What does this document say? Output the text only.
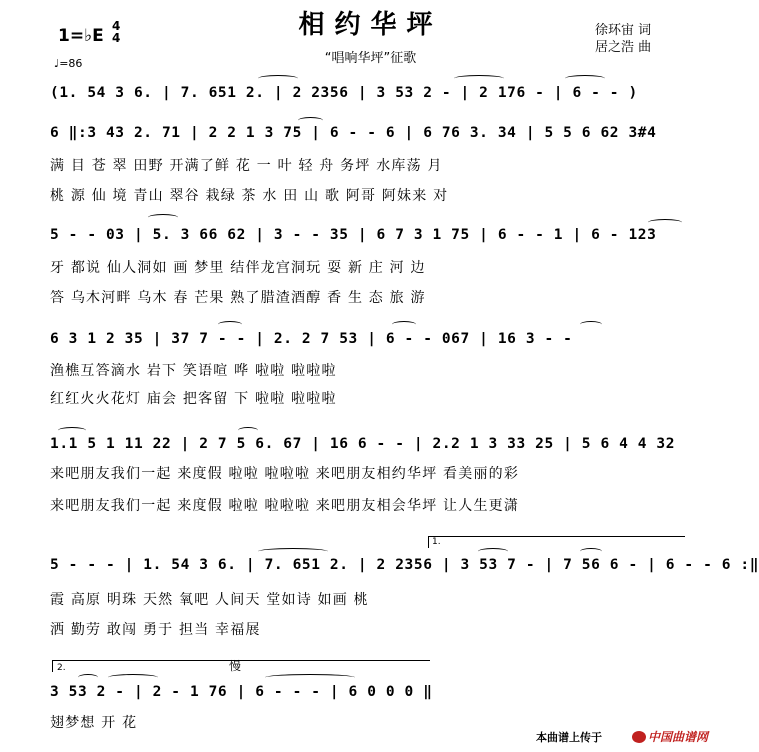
相约华坪
“唱响华坪”征歌
徐环宙 词
居之浩 曲
1=♭E 4
4
♩=86
(1. 54 3 6. | 7. 651 2. | 2 2356 | 3 53 2 - | 2 176 - | 6 - - )
6 ‖:3 43 2. 71 | 2 2 1 3 75 | 6 - - 6 | 6 76 3. 34 | 5 5 6 62 3#4
满 目 苍 翠 田野 开满了鲜 花 一 叶 轻 舟 务坪 水库荡 月
桃 源 仙 境 青山 翠谷 栽绿 茶 水 田 山 歌 阿哥 阿妹来 对
5 - - 03 | 5. 3 66 62 | 3 - - 35 | 6 7 3 1 75 | 6 - - 1 | 6 - 123
牙 都说 仙人洞如 画 梦里 结伴龙宫洞玩 耍 新 庄 河 边
答 乌木河畔 乌木 春 芒果 熟了腊渣酒醇 香 生 态 旅 游
6 3 1 2 35 | 37 7 - - | 2. 2 7 53 | 6 - - 067 | 16 3 - -
渔樵互答滴水 岩下 笑语喧 哗 啦啦 啦啦啦
红红火火花灯 庙会 把客留 下 啦啦 啦啦啦
1.1 5 1 11 22 | 2 7 5 6. 67 | 16 6 - - | 2.2 1 3 33 25 | 5 6 4 4 32
来吧朋友我们一起 来度假 啦啦 啦啦啦 来吧朋友相约华坪 看美丽的彩
来吧朋友我们一起 来度假 啦啦 啦啦啦 来吧朋友相会华坪 让人生更潇
1.
5 - - - | 1. 54 3 6. | 7. 651 2. | 2 2356 | 3 53 7 - | 7 56 6 - | 6 - - 6 :‖
霞 高原 明珠 天然 氧吧 人间天 堂如诗 如画 桃
洒 勤劳 敢闯 勇于 担当 幸福展
2.	慢
3 53 2 - | 2 - 1 76 | 6 - - - | 6 0 0 0 ‖
翅梦想 开 花
本曲谱上传于	中国曲谱网
